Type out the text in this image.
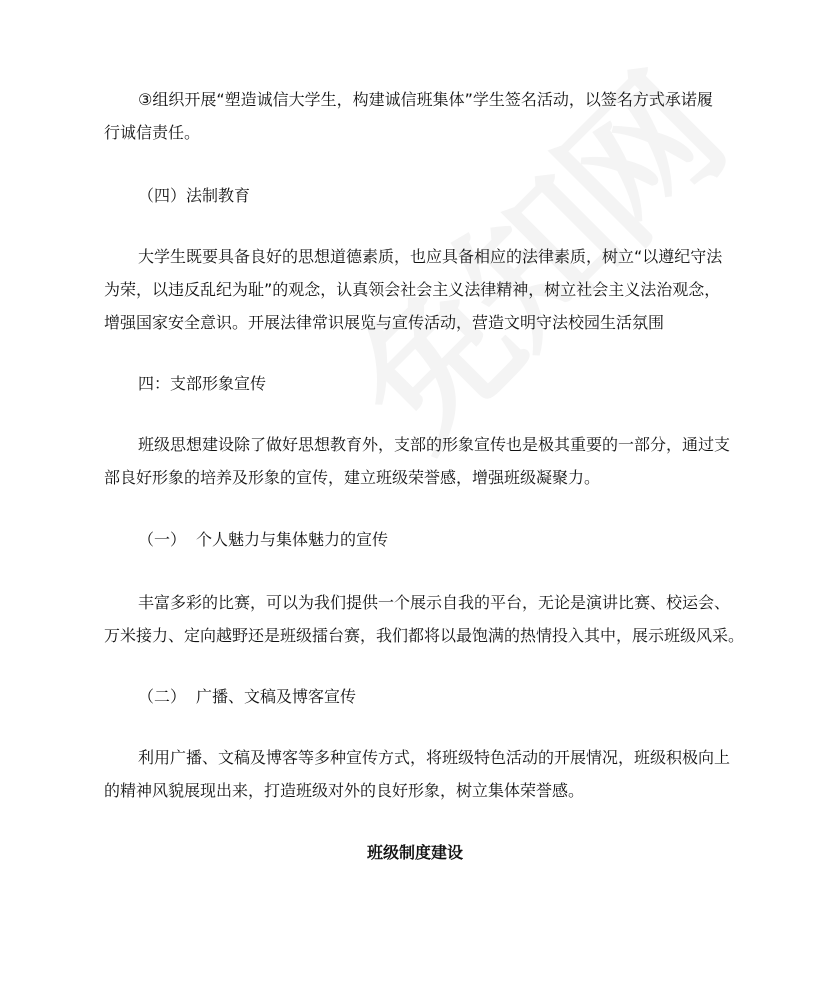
③组织开展“塑造诚信大学生，构建诚信班集体”学生签名活动，以签名方式承诺履
行诚信责任。
（四）法制教育
大学生既要具备良好的思想道德素质，也应具备相应的法律素质，树立“以遵纪守法
为荣，以违反乱纪为耻”的观念，认真领会社会主义法律精神，树立社会主义法治观念，
增强国家安全意识。开展法律常识展览与宣传活动，营造文明守法校园生活氛围
四：支部形象宣传
班级思想建设除了做好思想教育外，支部的形象宣传也是极其重要的一部分，通过支
部良好形象的培养及形象的宣传，建立班级荣誉感，增强班级凝聚力。
（一） 个人魅力与集体魅力的宣传
丰富多彩的比赛，可以为我们提供一个展示自我的平台，无论是演讲比赛、校运会、
万米接力、定向越野还是班级擂台赛，我们都将以最饱满的热情投入其中，展示班级风采。
（二） 广播、文稿及博客宣传
利用广播、文稿及博客等多种宣传方式，将班级特色活动的开展情况，班级积极向上
的精神风貌展现出来，打造班级对外的良好形象，树立集体荣誉感。
班级制度建设
